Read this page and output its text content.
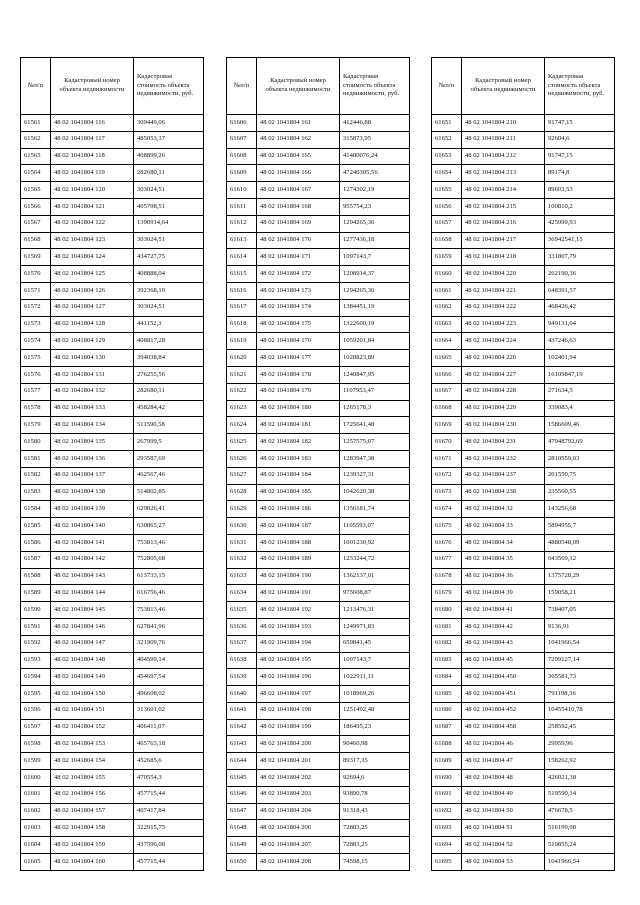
№п/п	Кадастровый номер объекта недвижимости	Кадастровая стоимость объекта недвижимости, руб.
61561	48 02 1041804 116	309449,06
61562	48 02 1041804 117	485053,37
61563	48 02 1041804 118	408899,26
61564	48 02 1041804 119	282680,11
61565	48 02 1041804 120	303024,51
61566	48 02 1041804 121	405798,51
61567	48 02 1041804 122	1390914,64
61568	48 02 1041804 123	303024,51
61569	48 02 1041804 124	434727,75
61570	48 02 1041804 125	408888,04
61571	48 02 1041804 126	392368,19
61572	48 02 1041804 127	303024,51
61573	48 02 1041804 128	441152,3
61574	48 02 1041804 129	408817,28
61575	48 02 1041804 130	394038,84
61576	48 02 1041804 131	276255,56
61577	48 02 1041804 132	282680,11
61578	48 02 1041804 133	458284,42
61579	48 02 1041804 134	511590,58
61580	48 02 1041804 135	267999,5
61581	48 02 1041804 136	293587,69
61582	48 02 1041804 137	462567,46
61583	48 02 1041804 138	514802,85
61584	48 02 1041804 139	629826,41
61585	48 02 1041804 140	630865,27
61586	48 02 1041804 141	753813,46
61587	48 02 1041804 142	752805,68
61588	48 02 1041804 143	613733,15
61589	48 02 1041804 144	616756,46
61590	48 02 1041804 145	753813,46
61591	48 02 1041804 146	627841,96
61592	48 02 1041804 147	321909,76
61593	48 02 1041804 148	404599,14
61594	48 02 1041804 149	454697,54
61595	48 02 1041804 150	496608,02
61596	48 02 1041804 151	313601,02
61597	48 02 1041804 152	406411,07
61598	48 02 1041804 153	465763,18
61599	48 02 1041804 154	452685,6
61600	48 02 1041804 155	470554,3
61601	48 02 1041804 156	457715,44
61602	48 02 1041804 157	407417,84
61603	48 02 1041804 158	322915,75
61604	48 02 1041804 159	437596,08
61605	48 02 1041804 160	457715,44
№п/п	Кадастровый номер объекта недвижимости	Кадастровая стоимость объекта недвижимости, руб.
61606	48 02 1041804 161	412446,88
61607	48 02 1041804 162	315873,95
61608	48 02 1041804 165	41480076,24
61609	48 02 1041804 166	47240305,56
61610	48 02 1041804 167	1274302,19
61611	48 02 1041804 168	955754,23
61612	48 02 1041804 169	1294265,36
61613	48 02 1041804 170	1277436,18
61614	48 02 1041804 171	1097143,7
61615	48 02 1041804 172	1208914,37
61616	48 02 1041804 173	1294265,36
61617	48 02 1041804 174	1384451,19
61618	48 02 1041804 175	1322600,19
61619	48 02 1041804 176	1059201,84
61620	48 02 1041804 177	1028823,89
61621	48 02 1041804 178	1240847,95
61622	48 02 1041804 179	1107953,47
61623	48 02 1041804 180	1265178,3
61624	48 02 1041804 181	1725641,48
61625	48 02 1041804 182	1257575,07
61626	48 02 1041804 183	1283947,38
61627	48 02 1041804 184	1239327,31
61628	48 02 1041804 185	1042620,38
61629	48 02 1041804 186	1356181,74
61630	48 02 1041804 187	1105593,07
61631	48 02 1041804 188	1001230,92
61632	48 02 1041804 189	1233244,72
61633	48 02 1041804 190	1362137,01
61634	48 02 1041804 191	975608,87
61635	48 02 1041804 192	1213476,31
61636	48 02 1041804 193	1249971,83
61637	48 02 1041804 194	659841,45
61638	48 02 1041804 195	1097143,7
61639	48 02 1041804 196	1022911,11
61640	48 02 1041804 197	1018969,26
61641	48 02 1041804 198	1251492,48
61642	48 02 1041804 199	186495,23
61643	48 02 1041804 200	90460,98
61644	48 02 1041804 201	89317,35
61645	48 02 1041804 202	92694,6
61646	48 02 1041804 203	93890,78
61647	48 02 1041804 204	91318,43
61648	48 02 1041804 206	72883,25
61649	48 02 1041804 207	72883,25
61650	48 02 1041804 208	74598,15
№п/п	Кадастровый номер объекта недвижимости	Кадастровая стоимость объекта недвижимости, руб.
61651	48 02 1041804 210	91747,15
61652	48 02 1041804 211	92604,6
61653	48 02 1041804 212	91747,15
61654	48 02 1041804 213	89174,8
61655	48 02 1041804 214	89603,53
61656	48 02 1041804 215	100810,2
61657	48 02 1041804 216	425099,93
61658	48 02 1041804 217	36942541,15
61659	48 02 1041804 218	331807,79
61660	48 02 1041804 220	262190,36
61661	48 02 1041804 221	648391,57
61662	48 02 1041804 222	468426,42
61663	48 02 1041804 223	949131,04
61664	48 02 1041804 224	437246,63
61665	48 02 1041804 226	102401,94
61666	48 02 1041804 227	16109847,19
61667	48 02 1041804 228	271634,5
61668	48 02 1041804 229	339083,4
61669	48 02 1041804 230	1586609,46
61670	48 02 1041804 231	47948792,69
61671	48 02 1041804 232	2810559,03
61672	48 02 1041804 237	201550,75
61673	48 02 1041804 238	235560,55
61674	48 02 1041804 32	143256,68
61675	48 02 1041804 33	5894955,7
61676	48 02 1041804 34	4880548,09
61677	48 02 1041804 35	643569,12
61678	48 02 1041804 36	1375728,29
61679	48 02 1041804 39	159058,21
61680	48 02 1041804 41	738407,05
61681	48 02 1041804 42	9136,91
61682	48 02 1041804 43	1041966,54
61683	48 02 1041804 45	7299127,14
61684	48 02 1041804 450	365581,73
61685	48 02 1041804 451	791198,36
61686	48 02 1041804 452	10455410,78
61687	48 02 1041804 458	258592,45
61688	48 02 1041804 46	29959,96
61689	48 02 1041804 47	158262,92
61690	48 02 1041804 48	426021,38
61691	48 02 1041804 49	519590,14
61692	48 02 1041804 50	476678,5
61693	48 02 1041804 51	516199,98
61694	48 02 1041804 52	519855,24
61695	48 02 1041804 53	1041966,54
